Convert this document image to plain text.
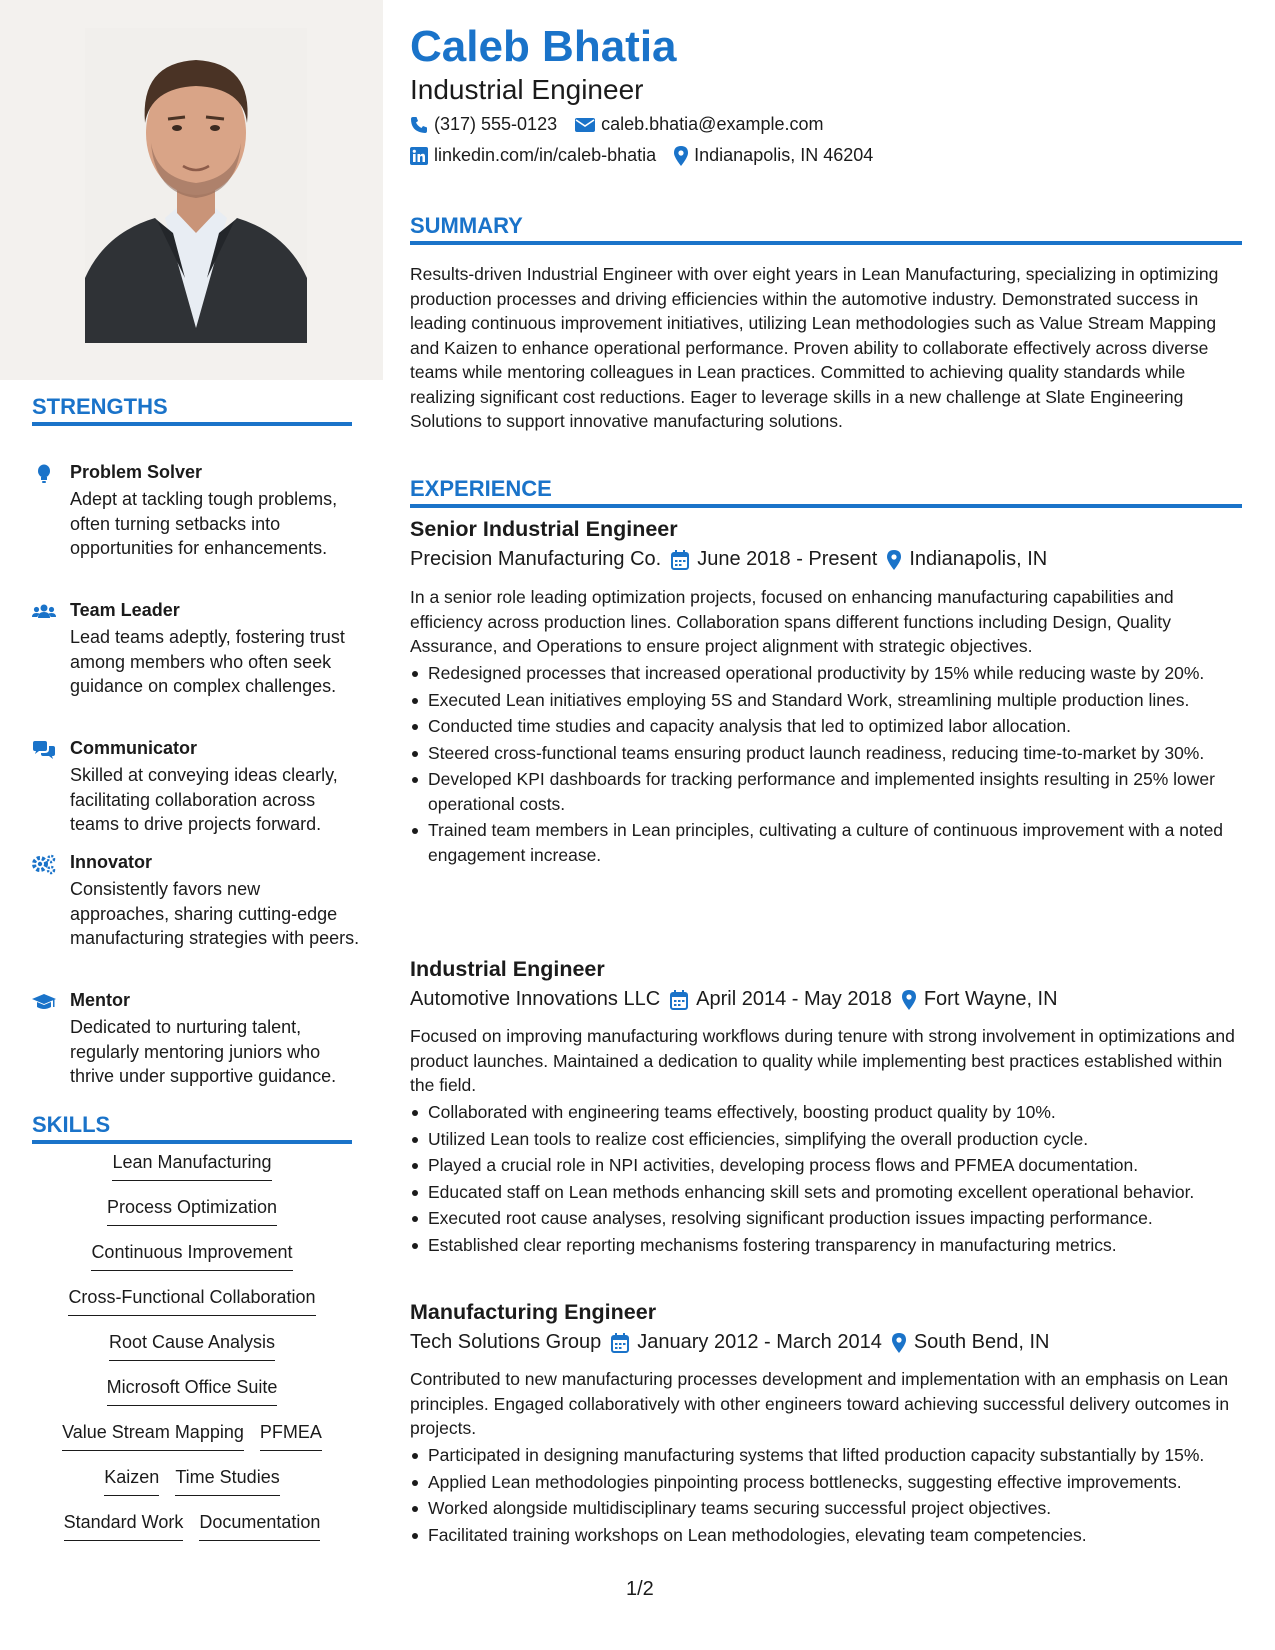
STRENGTHS
Problem Solver
Adept at tackling tough problems, often turning setbacks into opportunities for enhancements.
Team Leader
Lead teams adeptly, fostering trust among members who often seek guidance on complex challenges.
Communicator
Skilled at conveying ideas clearly, facilitating collaboration across teams to drive projects forward.
Innovator
Consistently favors new approaches, sharing cutting-edge manufacturing strategies with peers.
Mentor
Dedicated to nurturing talent, regularly mentoring juniors who thrive under supportive guidance.
SKILLS
Lean Manufacturing
Process Optimization
Continuous Improvement
Cross-Functional Collaboration
Root Cause Analysis
Microsoft Office Suite
Value Stream Mapping PFMEA
Kaizen Time Studies
Standard Work Documentation
Caleb Bhatia
Industrial Engineer
(317) 555-0123 caleb.bhatia@example.com
linkedin.com/in/caleb-bhatia Indianapolis, IN 46204
SUMMARY
Results-driven Industrial Engineer with over eight years in Lean Manufacturing, specializing in optimizing production processes and driving efficiencies within the automotive industry. Demonstrated success in leading continuous improvement initiatives, utilizing Lean methodologies such as Value Stream Mapping and Kaizen to enhance operational performance. Proven ability to collaborate effectively across diverse teams while mentoring colleagues in Lean practices. Committed to achieving quality standards while realizing significant cost reductions. Eager to leverage skills in a new challenge at Slate Engineering Solutions to support innovative manufacturing solutions.
EXPERIENCE
Senior Industrial Engineer
Precision Manufacturing Co. June 2018 - Present Indianapolis, IN
In a senior role leading optimization projects, focused on enhancing manufacturing capabilities and efficiency across production lines. Collaboration spans different functions including Design, Quality Assurance, and Operations to ensure project alignment with strategic objectives.
Redesigned processes that increased operational productivity by 15% while reducing waste by 20%.
Executed Lean initiatives employing 5S and Standard Work, streamlining multiple production lines.
Conducted time studies and capacity analysis that led to optimized labor allocation.
Steered cross-functional teams ensuring product launch readiness, reducing time-to-market by 30%.
Developed KPI dashboards for tracking performance and implemented insights resulting in 25% lower operational costs.
Trained team members in Lean principles, cultivating a culture of continuous improvement with a noted engagement increase.
Industrial Engineer
Automotive Innovations LLC April 2014 - May 2018 Fort Wayne, IN
Focused on improving manufacturing workflows during tenure with strong involvement in optimizations and product launches. Maintained a dedication to quality while implementing best practices established within the field.
Collaborated with engineering teams effectively, boosting product quality by 10%.
Utilized Lean tools to realize cost efficiencies, simplifying the overall production cycle.
Played a crucial role in NPI activities, developing process flows and PFMEA documentation.
Educated staff on Lean methods enhancing skill sets and promoting excellent operational behavior.
Executed root cause analyses, resolving significant production issues impacting performance.
Established clear reporting mechanisms fostering transparency in manufacturing metrics.
Manufacturing Engineer
Tech Solutions Group January 2012 - March 2014 South Bend, IN
Contributed to new manufacturing processes development and implementation with an emphasis on Lean principles. Engaged collaboratively with other engineers toward achieving successful delivery outcomes in projects.
Participated in designing manufacturing systems that lifted production capacity substantially by 15%.
Applied Lean methodologies pinpointing process bottlenecks, suggesting effective improvements.
Worked alongside multidisciplinary teams securing successful project objectives.
Facilitated training workshops on Lean methodologies, elevating team competencies.
1/2
